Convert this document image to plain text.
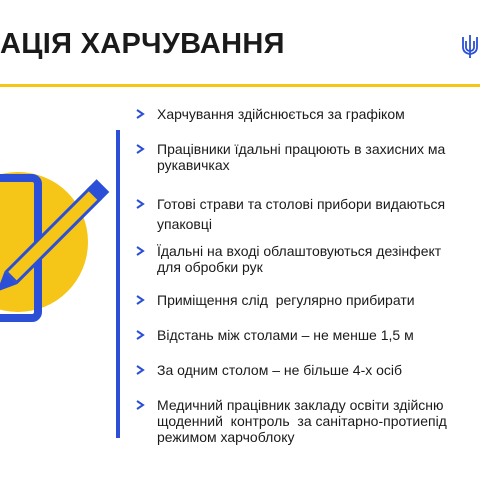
АЦІЯ ХАРЧУВАННЯ
Харчування здійснюється за графіком
Працівники їдальні працюють в захисних ма
рукавичках
Готові страви та столові прибори видаються
упаковці
Їдальні на вході облаштовуються дезінфект
для обробки рук
Приміщення слід  регулярно прибирати
Відстань між столами – не менше 1,5 м
За одним столом – не більше 4-х осіб
Медичний працівник закладу освіти здійсню
щоденний  контроль  за санітарно-протиепід
режимом харчоблоку
